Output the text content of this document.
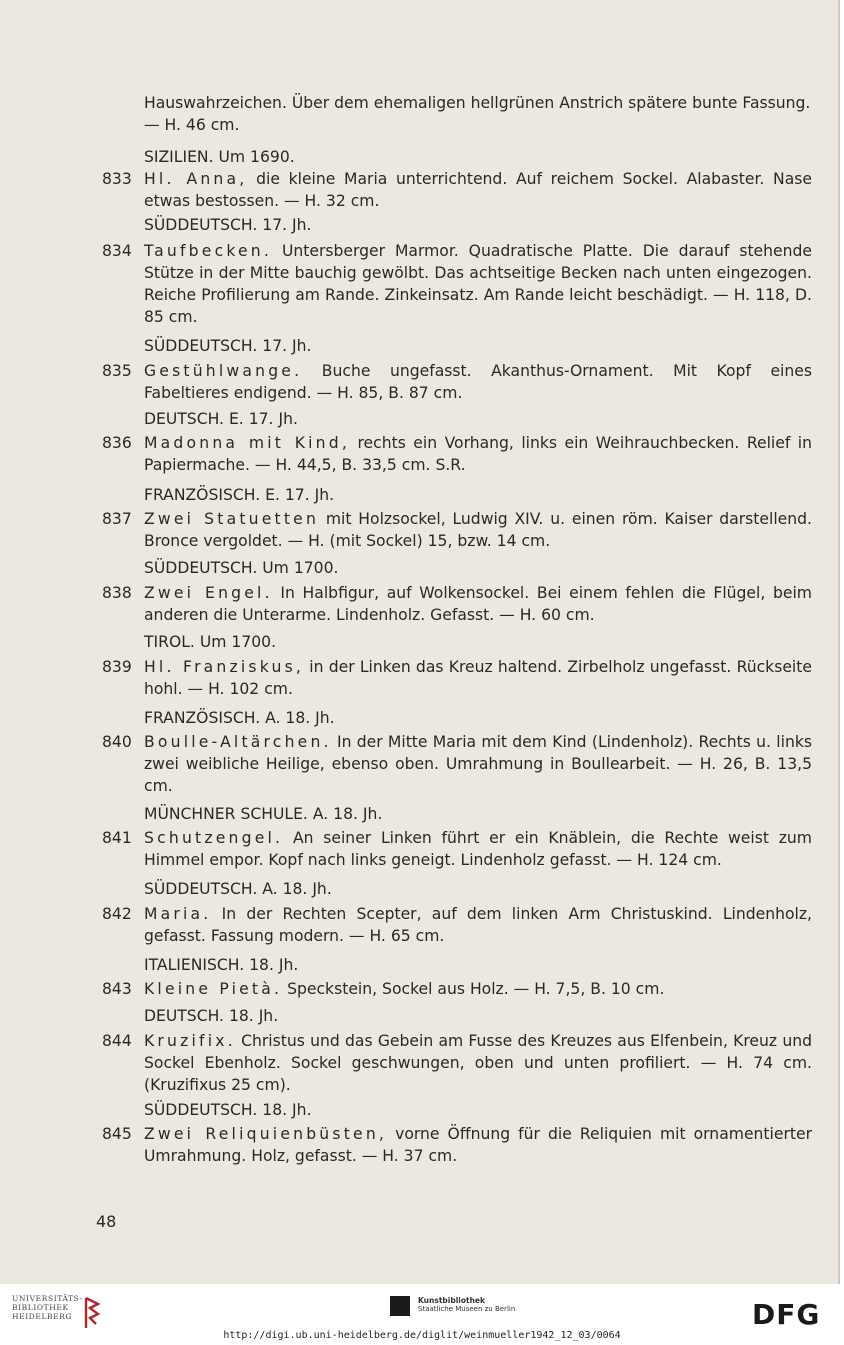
Hauswahrzeichen. Über dem ehemaligen hellgrünen Anstrich spätere bunte Fassung. — H. 46 cm.
SIZILIEN. Um 1690.
833 Hl. Anna, die kleine Maria unterrichtend. Auf reichem Sockel. Alabaster. Nase etwas bestossen. — H. 32 cm.
SÜDDEUTSCH. 17. Jh.
834 Taufbecken. Untersberger Marmor. Quadratische Platte. Die darauf stehende Stütze in der Mitte bauchig gewölbt. Das achtseitige Becken nach unten eingezogen. Reiche Profilierung am Rande. Zinkeinsatz. Am Rande leicht beschädigt. — H. 118, D. 85 cm.
SÜDDEUTSCH. 17. Jh.
835 Gestühlwange. Buche ungefasst. Akanthus-Ornament. Mit Kopf eines Fabeltieres endigend. — H. 85, B. 87 cm.
DEUTSCH. E. 17. Jh.
836 Madonna mit Kind, rechts ein Vorhang, links ein Weihrauchbecken. Relief in Papiermache. — H. 44,5, B. 33,5 cm. S.R.
FRANZÖSISCH. E. 17. Jh.
837 Zwei Statuetten mit Holzsockel, Ludwig XIV. u. einen röm. Kaiser darstellend. Bronce vergoldet. — H. (mit Sockel) 15, bzw. 14 cm.
SÜDDEUTSCH. Um 1700.
838 Zwei Engel. In Halbfigur, auf Wolkensockel. Bei einem fehlen die Flügel, beim anderen die Unterarme. Lindenholz. Gefasst. — H. 60 cm.
TIROL. Um 1700.
839 Hl. Franziskus, in der Linken das Kreuz haltend. Zirbelholz ungefasst. Rückseite hohl. — H. 102 cm.
FRANZÖSISCH. A. 18. Jh.
840 Boulle-Altärchen. In der Mitte Maria mit dem Kind (Lindenholz). Rechts u. links zwei weibliche Heilige, ebenso oben. Umrahmung in Boullearbeit. — H. 26, B. 13,5 cm.
MÜNCHNER SCHULE. A. 18. Jh.
841 Schutzengel. An seiner Linken führt er ein Knäblein, die Rechte weist zum Himmel empor. Kopf nach links geneigt. Lindenholz gefasst. — H. 124 cm.
SÜDDEUTSCH. A. 18. Jh.
842 Maria. In der Rechten Scepter, auf dem linken Arm Christuskind. Lindenholz, gefasst. Fassung modern. — H. 65 cm.
ITALIENISCH. 18. Jh.
843 Kleine Pietà. Speckstein, Sockel aus Holz. — H. 7,5, B. 10 cm.
DEUTSCH. 18. Jh.
844 Kruzifix. Christus und das Gebein am Fusse des Kreuzes aus Elfenbein, Kreuz und Sockel Ebenholz. Sockel geschwungen, oben und unten profiliert. — H. 74 cm. (Kruzifixus 25 cm).
SÜDDEUTSCH. 18. Jh.
845 Zwei Reliquienbüsten, vorne Öffnung für die Reliquien mit ornamentierter Umrahmung. Holz, gefasst. — H. 37 cm.
48
UNIVERSITÄTS-
BIBLIOTHEK
HEIDELBERG
Kunstbibliothek
Staatliche Museen zu Berlin	DFG
http://digi.ub.uni-heidelberg.de/diglit/weinmueller1942_12_03/0064
